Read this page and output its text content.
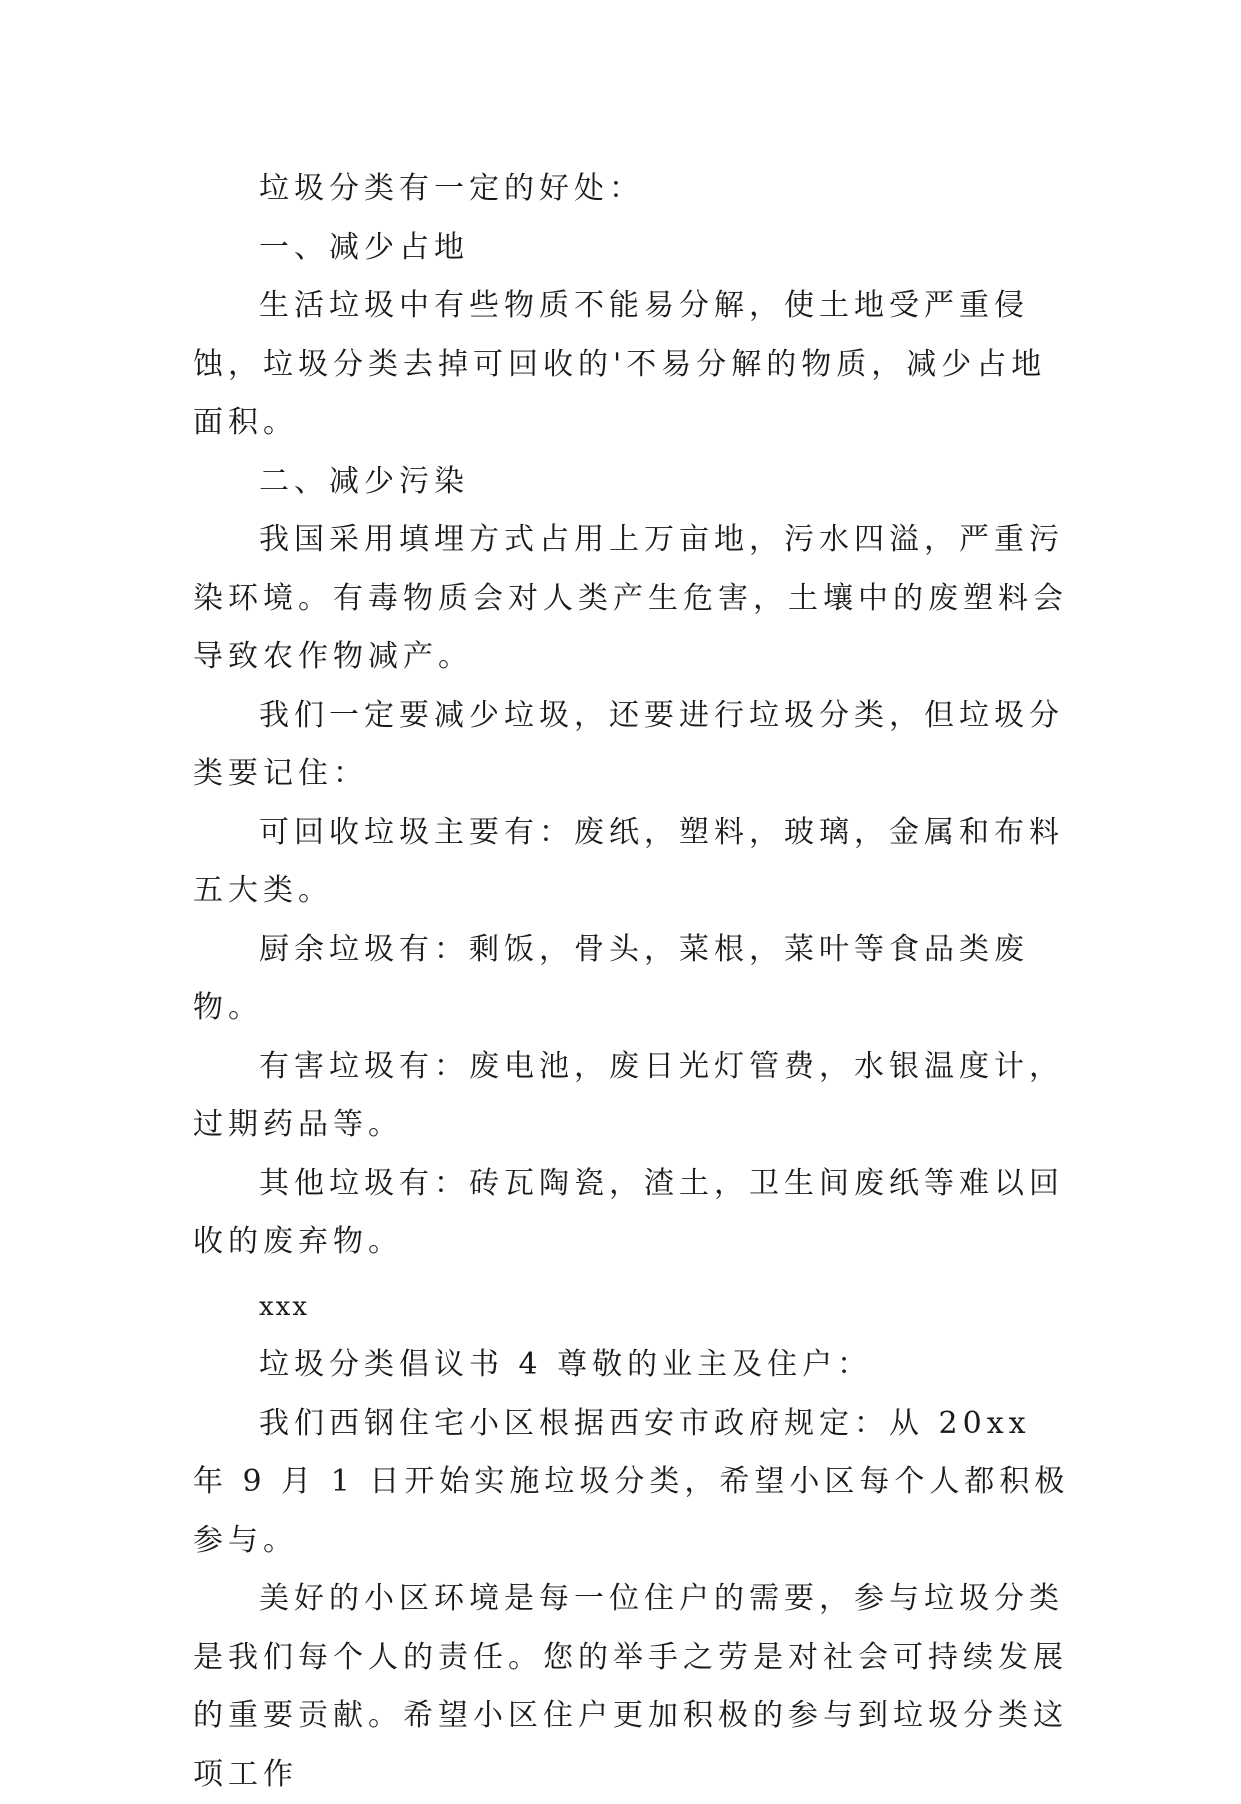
垃圾分类有一定的好处：

一、减少占地

生活垃圾中有些物质不能易分解，使土地受严重侵蚀，垃圾分类去掉可回收的'不易分解的物质，减少占地面积。

二、减少污染

我国采用填埋方式占用上万亩地，污水四溢，严重污染环境。有毒物质会对人类产生危害，土壤中的废塑料会导致农作物减产。

我们一定要减少垃圾，还要进行垃圾分类，但垃圾分类要记住：

可回收垃圾主要有：废纸，塑料，玻璃，金属和布料五大类。

厨余垃圾有：剩饭，骨头，菜根，菜叶等食品类废物。

有害垃圾有：废电池，废日光灯管费，水银温度计，过期药品等。

其他垃圾有：砖瓦陶瓷，渣土，卫生间废纸等难以回收的废弃物。

xxx

垃圾分类倡议书 4 尊敬的业主及住户：

我们西钢住宅小区根据西安市政府规定：从 20xx 年 9 月 1 日开始实施垃圾分类，希望小区每个人都积极参与。

美好的小区环境是每一位住户的需要，参与垃圾分类是我们每个人的责任。您的举手之劳是对社会可持续发展的重要贡献。希望小区住户更加积极的参与到垃圾分类这项工作
